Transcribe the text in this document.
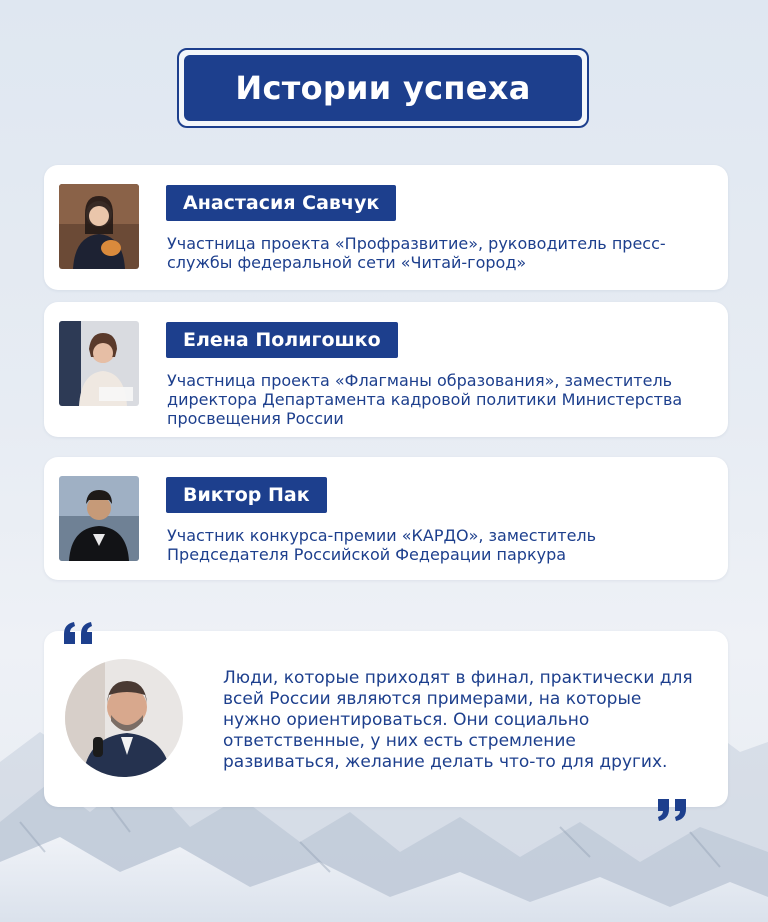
Истории успеха
Анастасия Савчук
Участница проекта «Профразвитие», руководитель пресс-службы федеральной сети «Читай-город»
Елена Полигошко
Участница проекта «Флагманы образования», заместитель директора Департамента кадровой политики Министерства просвещения России
Виктор Пак
Участник конкурса-премии «КАРДО», заместитель Председателя Российской Федерации паркура
Люди, которые приходят в финал, практически для всей России являются примерами, на которые нужно ориентироваться. Они социально ответственные, у них есть стремление развиваться, желание делать что-то для других.
